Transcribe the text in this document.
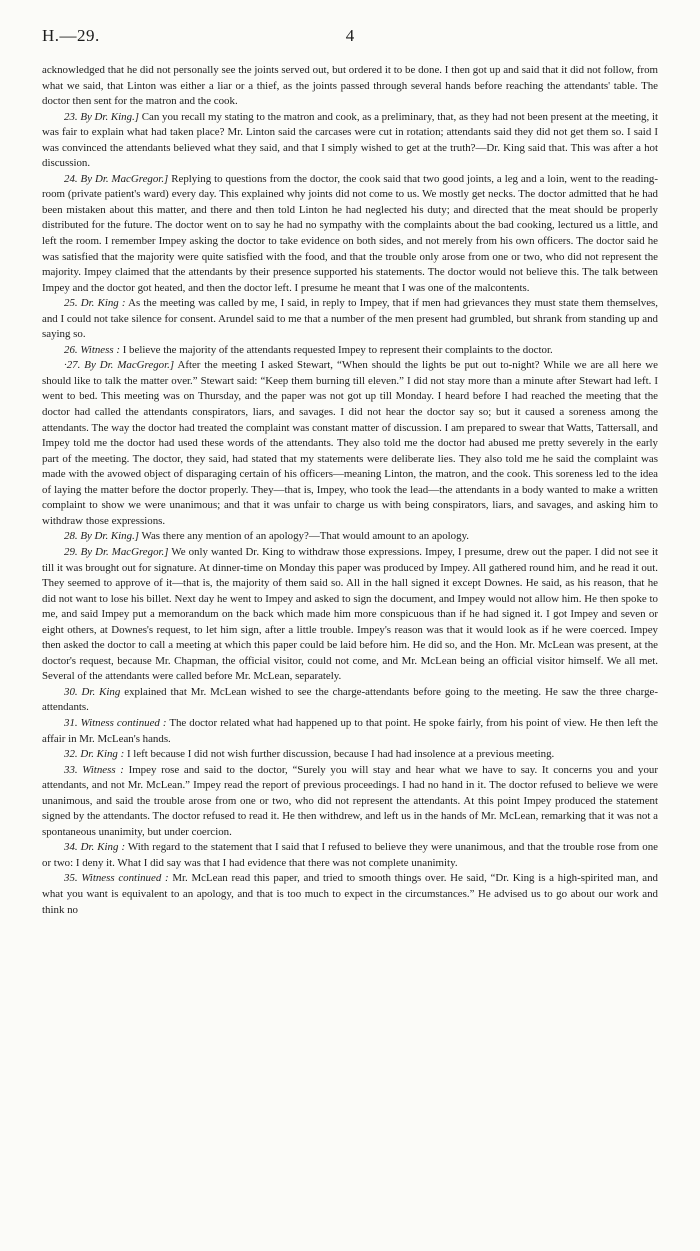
H.—29.	4

acknowledged that he did not personally see the joints served out, but ordered it to be done. I then got up and said that it did not follow, from what we said, that Linton was either a liar or a thief, as the joints passed through several hands before reaching the attendants' table. The doctor then sent for the matron and the cook.

23. By Dr. King.] Can you recall my stating to the matron and cook, as a preliminary, that, as they had not been present at the meeting, it was fair to explain what had taken place? Mr. Linton said the carcases were cut in rotation; attendants said they did not get them so. I said I was convinced the attendants believed what they said, and that I simply wished to get at the truth?—Dr. King said that. This was after a hot discussion.

24. By Dr. MacGregor.] Replying to questions from the doctor, the cook said that two good joints, a leg and a loin, went to the reading-room (private patient's ward) every day. This explained why joints did not come to us. We mostly get necks. The doctor admitted that he had been mistaken about this matter, and there and then told Linton he had neglected his duty; and directed that the meat should be properly distributed for the future. The doctor went on to say he had no sympathy with the complaints about the bad cooking, lectured us a little, and left the room. I remember Impey asking the doctor to take evidence on both sides, and not merely from his own officers. The doctor said he was satisfied that the majority were quite satisfied with the food, and that the trouble only arose from one or two, who did not represent the majority. Impey claimed that the attendants by their presence supported his statements. The doctor would not believe this. The talk between Impey and the doctor got heated, and then the doctor left. I presume he meant that I was one of the malcontents.

25. Dr. King : As the meeting was called by me, I said, in reply to Impey, that if men had grievances they must state them themselves, and I could not take silence for consent. Arundel said to me that a number of the men present had grumbled, but shrank from standing up and saying so.

26. Witness : I believe the majority of the attendants requested Impey to represent their complaints to the doctor.

·27. By Dr. MacGregor.] After the meeting I asked Stewart, “When should the lights be put out to-night? While we are all here we should like to talk the matter over.” Stewart said: “Keep them burning till eleven.” I did not stay more than a minute after Stewart had left. I went to bed. This meeting was on Thursday, and the paper was not got up till Monday. I heard before I had reached the meeting that the doctor had called the attendants conspirators, liars, and savages. I did not hear the doctor say so; but it caused a soreness among the attendants. The way the doctor had treated the complaint was constant matter of discussion. I am prepared to swear that Watts, Tattersall, and Impey told me the doctor had used these words of the attendants. They also told me the doctor had abused me pretty severely in the early part of the meeting. The doctor, they said, had stated that my statements were deliberate lies. They also told me he said the complaint was made with the avowed object of disparaging certain of his officers—meaning Linton, the matron, and the cook. This soreness led to the idea of laying the matter before the doctor properly. They—that is, Impey, who took the lead—the attendants in a body wanted to make a written complaint to show we were unanimous; and that it was unfair to charge us with being conspirators, liars, and savages, and asking him to withdraw those expressions.

28. By Dr. King.] Was there any mention of an apology?—That would amount to an apology.

29. By Dr. MacGregor.] We only wanted Dr. King to withdraw those expressions. Impey, I presume, drew out the paper. I did not see it till it was brought out for signature. At dinner-time on Monday this paper was produced by Impey. All gathered round him, and he read it out. They seemed to approve of it—that is, the majority of them said so. All in the hall signed it except Downes. He said, as his reason, that he did not want to lose his billet. Next day he went to Impey and asked to sign the document, and Impey would not allow him. He then spoke to me, and said Impey put a memorandum on the back which made him more conspicuous than if he had signed it. I got Impey and seven or eight others, at Downes's request, to let him sign, after a little trouble. Impey's reason was that it would look as if he were coerced. Impey then asked the doctor to call a meeting at which this paper could be laid before him. He did so, and the Hon. Mr. McLean was present, at the doctor's request, because Mr. Chapman, the official visitor, could not come, and Mr. McLean being an official visitor himself. We all met. Several of the attendants were called before Mr. McLean, separately.

30. Dr. King explained that Mr. McLean wished to see the charge-attendants before going to the meeting. He saw the three charge-attendants.

31. Witness continued : The doctor related what had happened up to that point. He spoke fairly, from his point of view. He then left the affair in Mr. McLean's hands.

32. Dr. King : I left because I did not wish further discussion, because I had had insolence at a previous meeting.

33. Witness : Impey rose and said to the doctor, “Surely you will stay and hear what we have to say. It concerns you and your attendants, and not Mr. McLean.” Impey read the report of previous proceedings. I had no hand in it. The doctor refused to believe we were unanimous, and said the trouble arose from one or two, who did not represent the attendants. At this point Impey produced the statement signed by the attendants. The doctor refused to read it. He then withdrew, and left us in the hands of Mr. McLean, remarking that it was not a spontaneous unanimity, but under coercion.

34. Dr. King : With regard to the statement that I said that I refused to believe they were unanimous, and that the trouble rose from one or two: I deny it. What I did say was that I had evidence that there was not complete unanimity.

35. Witness continued : Mr. McLean read this paper, and tried to smooth things over. He said, “Dr. King is a high-spirited man, and what you want is equivalent to an apology, and that is too much to expect in the circumstances.” He advised us to go about our work and think no
